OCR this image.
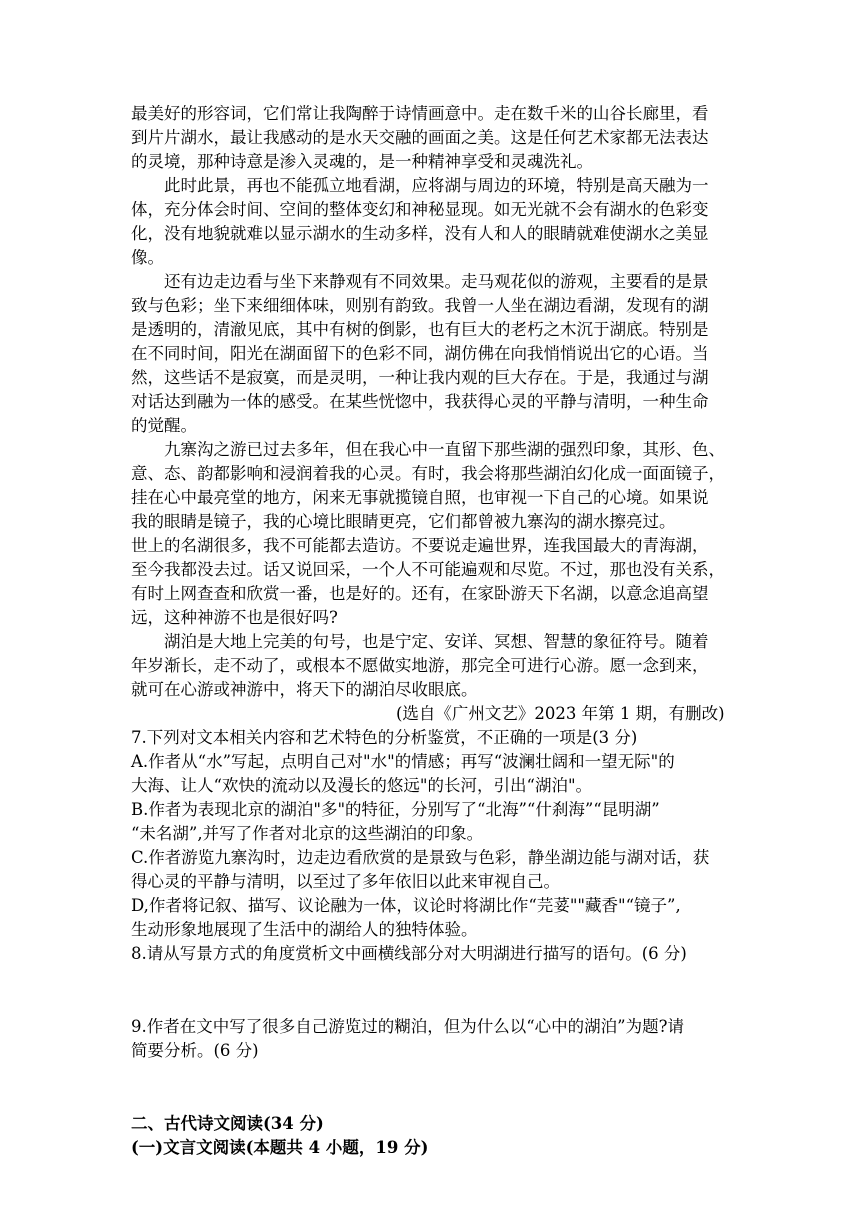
最美好的形容词，它们常让我陶醉于诗情画意中。走在数千米的山谷长廊里，看
到片片湖水，最让我感动的是水天交融的画面之美。这是任何艺术家都无法表达
的灵境，那种诗意是渗入灵魂的，是一种精神享受和灵魂洗礼。
此时此景，再也不能孤立地看湖，应将湖与周边的环境，特别是高天融为一
体，充分体会时间、空间的整体变幻和神秘显现。如无光就不会有湖水的色彩变
化，没有地貌就难以显示湖水的生动多样，没有人和人的眼睛就难使湖水之美显
像。
还有边走边看与坐下来静观有不同效果。走马观花似的游观，主要看的是景
致与色彩；坐下来细细体味，则别有韵致。我曾一人坐在湖边看湖，发现有的湖
是透明的，清澈见底，其中有树的倒影，也有巨大的老朽之木沉于湖底。特别是
在不同时间，阳光在湖面留下的色彩不同，湖仿佛在向我悄悄说出它的心语。当
然，这些话不是寂寞，而是灵明，一种让我内观的巨大存在。于是，我通过与湖
对话达到融为一体的感受。在某些恍惚中，我获得心灵的平静与清明，一种生命
的觉醒。
九寨沟之游已过去多年，但在我心中一直留下那些湖的强烈印象，其形、色、
意、态、韵都影响和浸润着我的心灵。有时，我会将那些湖泊幻化成一面面镜子，
挂在心中最亮堂的地方，闲来无事就揽镜自照，也审视一下自己的心境。如果说
我的眼睛是镜子，我的心境比眼睛更亮，它们都曾被九寨沟的湖水擦亮过。
世上的名湖很多，我不可能都去造访。不要说走遍世界，连我国最大的青海湖，
至今我都没去过。话又说回采，一个人不可能遍观和尽览。不过，那也没有关系，
有时上网查查和欣赏一番，也是好的。还有，在家卧游天下名湖，以意念追高望
远，这种神游不也是很好吗?
湖泊是大地上完美的句号，也是宁定、安详、冥想、智慧的象征符号。随着
年岁渐长，走不动了，或根本不愿做实地游，那完全可进行心游。愿一念到来，
就可在心游或神游中，将天下的湖泊尽收眼底。
(选自《广州文艺》2023 年第 1 期，有删改)
7.下列对文本相关内容和艺术特色的分析鉴赏，不正确的一项是(3 分)
A.作者从“水”写起，点明自己对"水"的情感；再写“波澜壮阔和一望无际"的
大海、让人“欢快的流动以及漫长的悠远"的长河，引出“湖泊"。
B.作者为表现北京的湖泊"多"的特征，分别写了“北海”“什刹海”“昆明湖”
“未名湖”,并写了作者对北京的这些湖泊的印象。
C.作者游览九寨沟时，边走边看欣赏的是景致与色彩，静坐湖边能与湖对话，获
得心灵的平静与清明，以至过了多年依旧以此来审视自己。
D,作者将记叙、描写、议论融为一体，议论时将湖比作“芫荽""藏香"“镜子”,
生动形象地展现了生活中的湖给人的独特体验。
8.请从写景方式的角度赏析文中画横线部分对大明湖进行描写的语句。(6 分)
9.作者在文中写了很多自己游览过的糊泊，但为什么以“心中的湖泊”为题?请
简要分析。(6 分)
二、古代诗文阅读(34 分)
(一)文言文阅读(本题共 4 小题，19 分)
